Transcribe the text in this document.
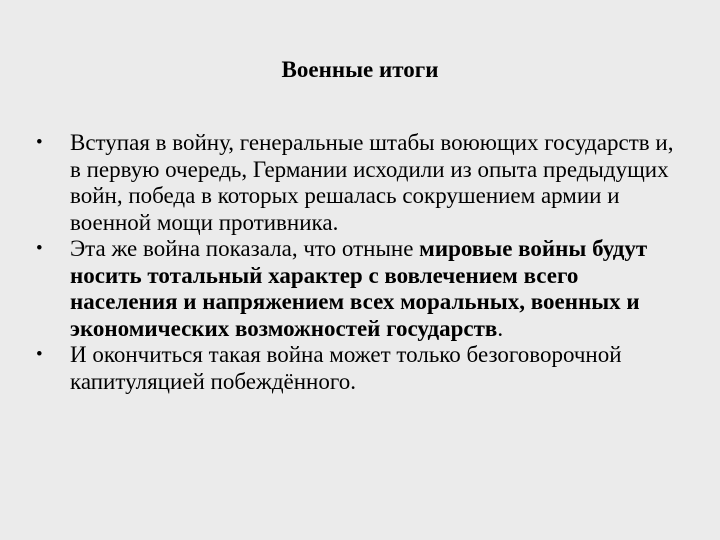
Военные итоги
•	Вступая в войну, генеральные штабы воюющих государств и, в первую очередь, Германии исходили из опыта предыдущих войн, победа в которых решалась сокрушением армии и военной мощи противника.
•	Эта же война показала, что отныне мировые войны будут носить тотальный характер с вовлечением всего населения и напряжением всех моральных, военных и экономических возможностей государств.
•	И окончиться такая война может только безоговорочной капитуляцией побеждённого.
